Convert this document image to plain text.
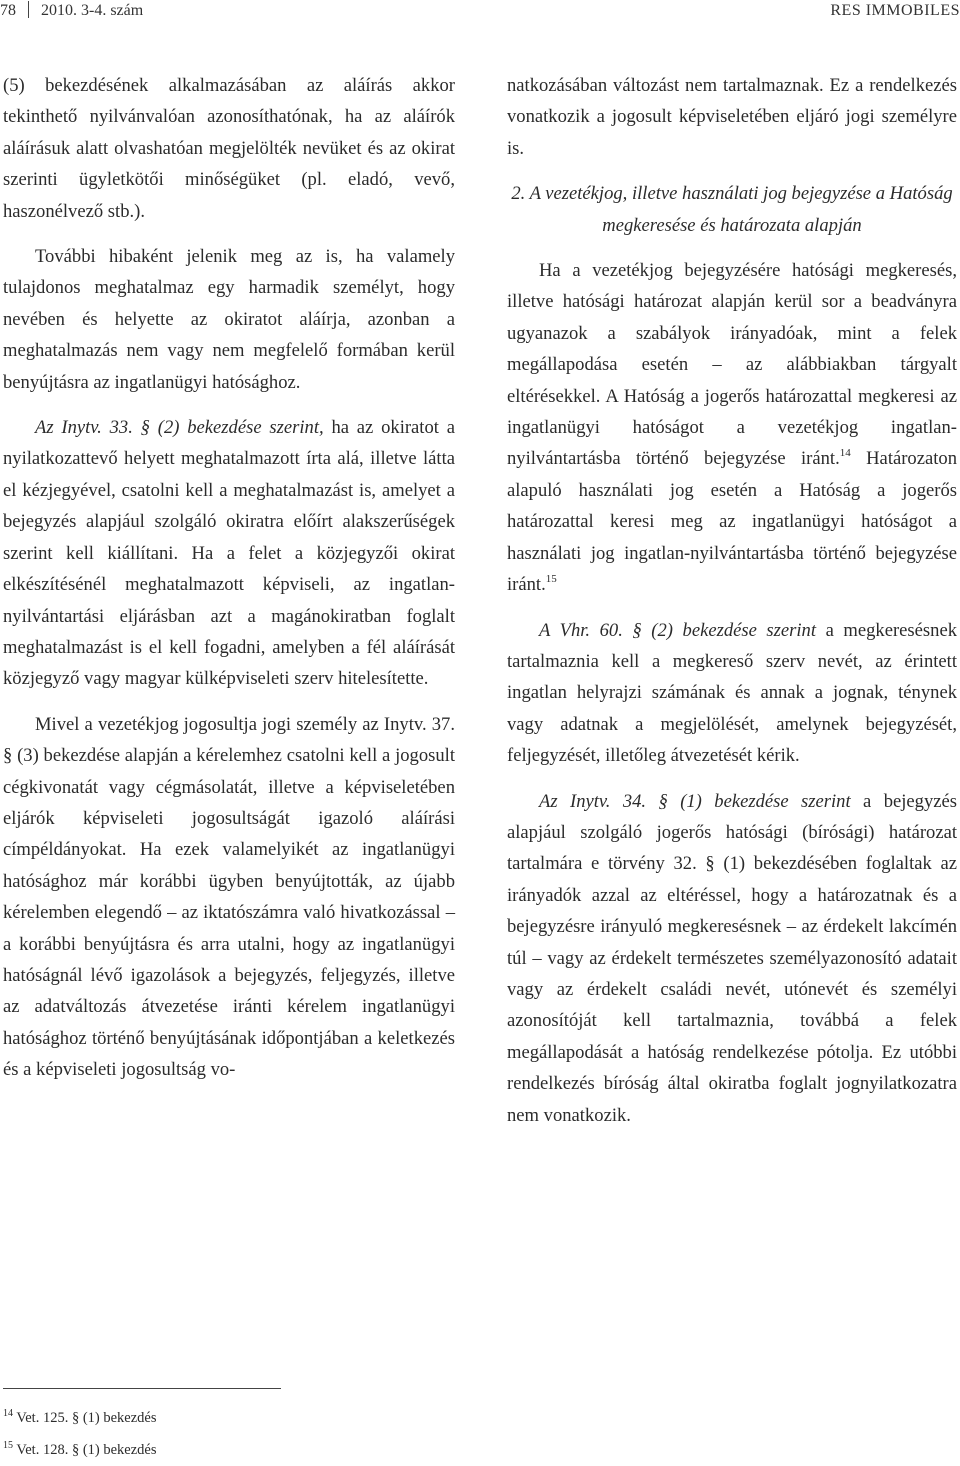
78 2010. 3-4. szám	RES IMMOBILES

(5) bekezdésének alkalmazásában az aláírás akkor tekinthető nyilvánvalóan azonosíthatónak, ha az aláírók aláírásuk alatt olvashatóan megjelölték nevüket és az okirat szerinti ügyletkötői minőségüket (pl. eladó, vevő, haszonélvező stb.).

További hibaként jelenik meg az is, ha valamely tulajdonos meghatalmaz egy harmadik személyt, hogy nevében és helyette az okiratot aláírja, azonban a meghatalmazás nem vagy nem megfelelő formában kerül benyújtásra az ingatlanügyi hatósághoz.

Az Inytv. 33. § (2) bekezdése szerint, ha az okiratot a nyilatkozattevő helyett meghatalmazott írta alá, illetve látta el kézjegyével, csatolni kell a meghatalmazást is, amelyet a bejegyzés alapjául szolgáló okiratra előírt alakszerűségek szerint kell kiállítani. Ha a felet a közjegyzői okirat elkészítésénél meghatalmazott képviseli, az ingatlan-nyilvántartási eljárásban azt a magánokiratban foglalt meghatalmazást is el kell fogadni, amelyben a fél aláírását közjegyző vagy magyar külképviseleti szerv hitelesítette.

Mivel a vezetékjog jogosultja jogi személy az Inytv. 37. § (3) bekezdése alapján a kérelemhez csatolni kell a jogosult cégkivonatát vagy cégmásolatát, illetve a képviseletében eljárók képviseleti jogosultságát igazoló aláírási címpéldányokat. Ha ezek valamelyikét az ingatlanügyi hatósághoz már korábbi ügyben benyújtották, az újabb kérelemben elegendő – az iktatószámra való hivatkozással – a korábbi benyújtásra és arra utalni, hogy az ingatlanügyi hatóságnál lévő igazolások a bejegyzés, feljegyzés, illetve az adatváltozás átvezetése iránti kérelem ingatlanügyi hatósághoz történő benyújtásának időpontjában a keletkezés és a képviseleti jogosultság vo-

natkozásában változást nem tartalmaznak. Ez a rendelkezés vonatkozik a jogosult képviseletében eljáró jogi személyre is.

2. A vezetékjog, illetve használati jog bejegyzése a Hatóság megkeresése és határozata alapján

Ha a vezetékjog bejegyzésére hatósági megkeresés, illetve hatósági határozat alapján kerül sor a beadványra ugyanazok a szabályok irányadóak, mint a felek megállapodása esetén – az alábbiakban tárgyalt eltérésekkel. A Hatóság a jogerős határozattal megkeresi az ingatlanügyi hatóságot a vezetékjog ingatlan-nyilvántartásba történő bejegyzése iránt.$^{14}$ Határozaton alapuló használati jog esetén a Hatóság a jogerős határozattal keresi meg az ingatlanügyi hatóságot a használati jog ingatlan-nyilvántartásba történő bejegyzése iránt.$^{15}$

A Vhr. 60. § (2) bekezdése szerint a megkeresésnek tartalmaznia kell a megkereső szerv nevét, az érintett ingatlan helyrajzi számának és annak a jognak, ténynek vagy adatnak a megjelölését, amelynek bejegyzését, feljegyzését, illetőleg átvezetését kérik.

Az Inytv. 34. § (1) bekezdése szerint a bejegyzés alapjául szolgáló jogerős hatósági (bírósági) határozat tartalmára e törvény 32. § (1) bekezdésében foglaltak az irányadók azzal az eltéréssel, hogy a határozatnak és a bejegyzésre irányuló megkeresésnek – az érdekelt lakcímén túl – vagy az érdekelt természetes személyazonosító adatait vagy az érdekelt családi nevét, utónevét és személyi azonosítóját kell tartalmaznia, továbbá a felek megállapodását a hatóság rendelkezése pótolja. Ez utóbbi rendelkezés bíróság által okiratba foglalt jognyilatkozatra nem vonatkozik.

$^{14}$ Vet. 125. § (1) bekezdés
$^{15}$ Vet. 128. § (1) bekezdés
